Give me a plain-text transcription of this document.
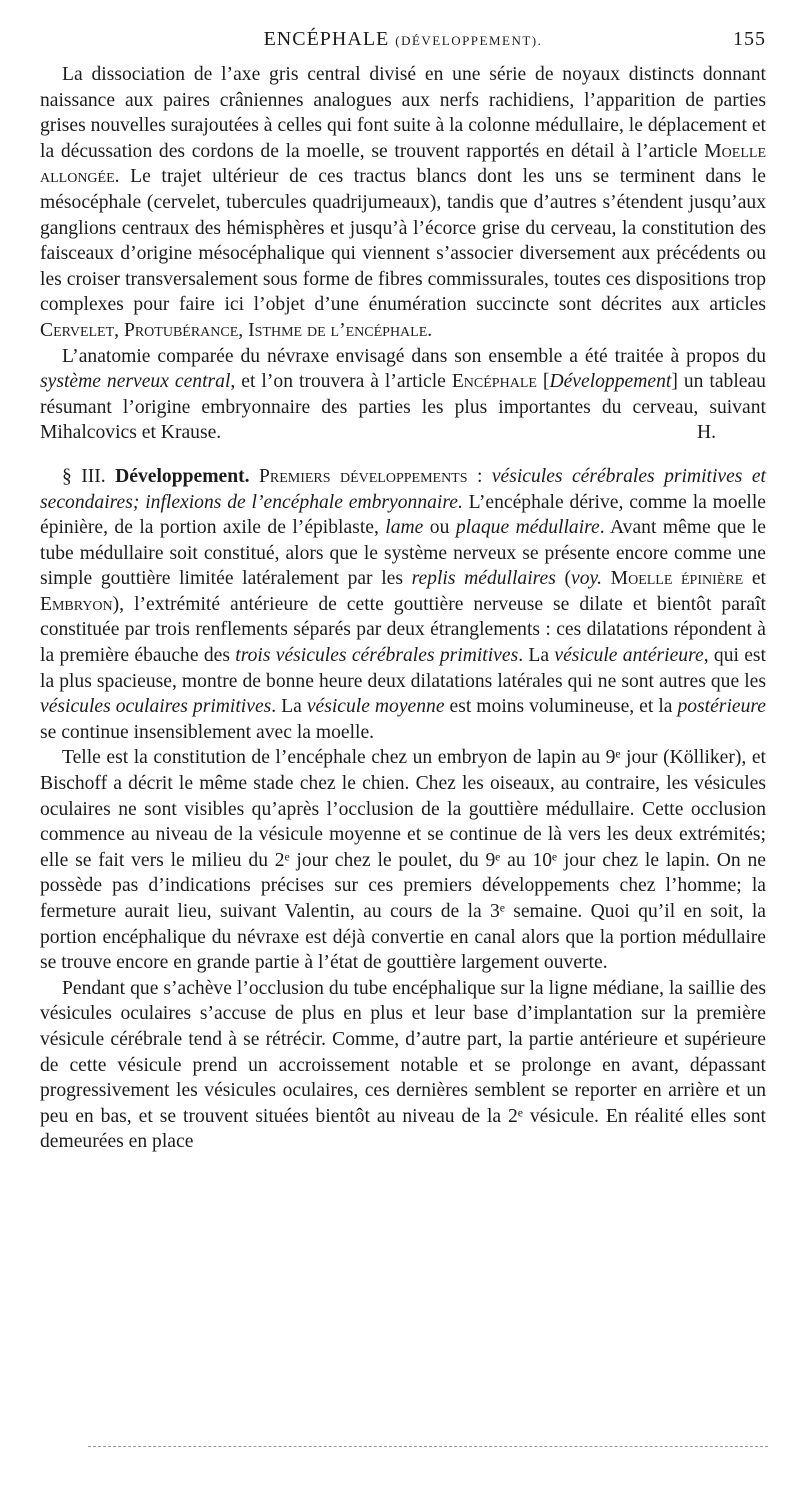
ENCÉPHALE (DÉVELOPPEMENT).	155

La dissociation de l’axe gris central divisé en une série de noyaux distincts donnant naissance aux paires crâniennes analogues aux nerfs rachidiens, l’apparition de parties grises nouvelles surajoutées à celles qui font suite à la colonne médullaire, le déplacement et la décussation des cordons de la moelle, se trouvent rapportés en détail à l’article Moelle allongée. Le trajet ultérieur de ces tractus blancs dont les uns se terminent dans le mésocéphale (cervelet, tubercules quadrijumeaux), tandis que d’autres s’étendent jusqu’aux ganglions centraux des hémisphères et jusqu’à l’écorce grise du cerveau, la constitution des faisceaux d’origine mésocéphalique qui viennent s’associer diversement aux précédents ou les croiser transversalement sous forme de fibres commissurales, toutes ces dispositions trop complexes pour faire ici l’objet d’une énumération succincte sont décrites aux articles Cervelet, Protubérance, Isthme de l’encéphale.

L’anatomie comparée du névraxe envisagé dans son ensemble a été traitée à propos du système nerveux central, et l’on trouvera à l’article Encéphale [Développement] un tableau résumant l’origine embryonnaire des parties les plus importantes du cerveau, suivant Mihalcovics et Krause.	H.

§ III. Développement. Premiers développements : vésicules cérébrales primitives et secondaires; inflexions de l’encéphale embryonnaire. L’encéphale dérive, comme la moelle épinière, de la portion axile de l’épiblaste, lame ou plaque médullaire. Avant même que le tube médullaire soit constitué, alors que le système nerveux se présente encore comme une simple gouttière limitée latéralement par les replis médullaires (voy. Moelle épinière et Embryon), l’extrémité antérieure de cette gouttière nerveuse se dilate et bientôt paraît constituée par trois renflements séparés par deux étranglements : ces dilatations répondent à la première ébauche des trois vésicules cérébrales primitives. La vésicule antérieure, qui est la plus spacieuse, montre de bonne heure deux dilatations latérales qui ne sont autres que les vésicules oculaires primitives. La vésicule moyenne est moins volumineuse, et la postérieure se continue insensiblement avec la moelle.

Telle est la constitution de l’encéphale chez un embryon de lapin au 9ᵉ jour (Kölliker), et Bischoff a décrit le même stade chez le chien. Chez les oiseaux, au contraire, les vésicules oculaires ne sont visibles qu’après l’occlusion de la gouttière médullaire. Cette occlusion commence au niveau de la vésicule moyenne et se continue de là vers les deux extrémités; elle se fait vers le milieu du 2ᵉ jour chez le poulet, du 9ᵉ au 10ᵉ jour chez le lapin. On ne possède pas d’indications précises sur ces premiers développements chez l’homme; la fermeture aurait lieu, suivant Valentin, au cours de la 3ᵉ semaine. Quoi qu’il en soit, la portion encéphalique du névraxe est déjà convertie en canal alors que la portion médullaire se trouve encore en grande partie à l’état de gouttière largement ouverte.

Pendant que s’achève l’occlusion du tube encéphalique sur la ligne médiane, la saillie des vésicules oculaires s’accuse de plus en plus et leur base d’implantation sur la première vésicule cérébrale tend à se rétrécir. Comme, d’autre part, la partie antérieure et supérieure de cette vésicule prend un accroissement notable et se prolonge en avant, dépassant progressivement les vésicules oculaires, ces dernières semblent se reporter en arrière et un peu en bas, et se trouvent situées bientôt au niveau de la 2ᵉ vésicule. En réalité elles sont demeurées en place
